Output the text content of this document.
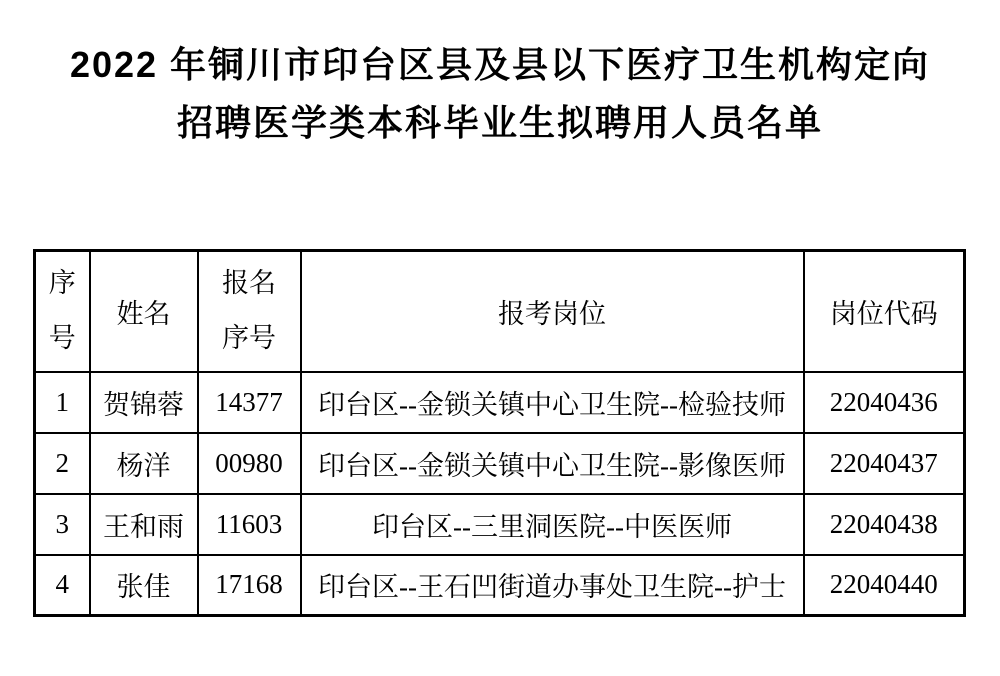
2022 年铜川市印台区县及县以下医疗卫生机构定向
招聘医学类本科毕业生拟聘用人员名单
序号	姓名	报名序号	报考岗位	岗位代码
1	贺锦蓉	14377	印台区--金锁关镇中心卫生院--检验技师	22040436
2	杨洋	00980	印台区--金锁关镇中心卫生院--影像医师	22040437
3	王和雨	11603	印台区--三里洞医院--中医医师	22040438
4	张佳	17168	印台区--王石凹街道办事处卫生院--护士	22040440
